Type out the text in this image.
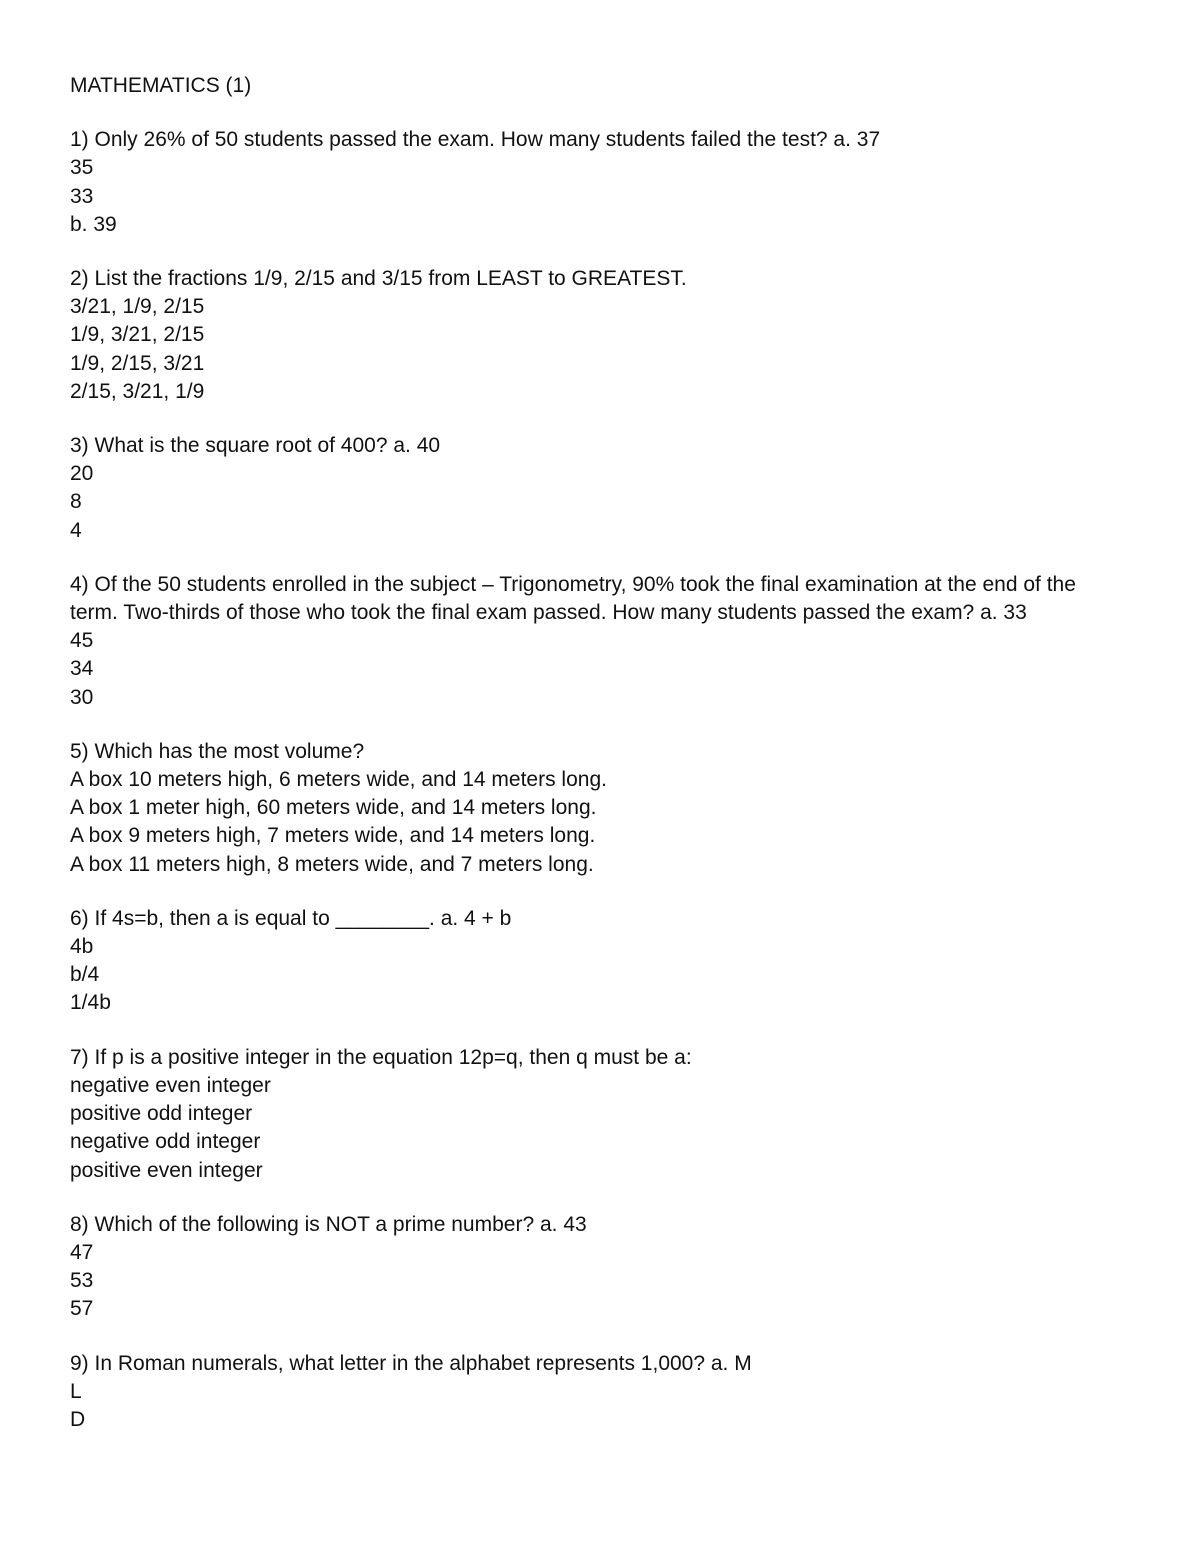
MATHEMATICS (1)
1) Only 26% of 50 students passed the exam. How many students failed the test? a. 37
35
33
b. 39
2) List the fractions 1/9, 2/15 and 3/15 from LEAST to GREATEST.
3/21, 1/9, 2/15
1/9, 3/21, 2/15
1/9, 2/15, 3/21
2/15, 3/21, 1/9
3) What is the square root of 400? a. 40
20
8
4
4) Of the 50 students enrolled in the subject – Trigonometry, 90% took the final examination at the end of the term. Two-thirds of those who took the final exam passed. How many students passed the exam? a. 33
45
34
30
5) Which has the most volume?
A box 10 meters high, 6 meters wide, and 14 meters long.
A box 1 meter high, 60 meters wide, and 14 meters long.
A box 9 meters high, 7 meters wide, and 14 meters long.
A box 11 meters high, 8 meters wide, and 7 meters long.
6) If 4s=b, then a is equal to ________. a. 4 + b
4b
b/4
1/4b
7) If p is a positive integer in the equation 12p=q, then q must be a:
negative even integer
positive odd integer
negative odd integer
positive even integer
8) Which of the following is NOT a prime number? a. 43
47
53
57
9) In Roman numerals, what letter in the alphabet represents 1,000? a. M
L
D
